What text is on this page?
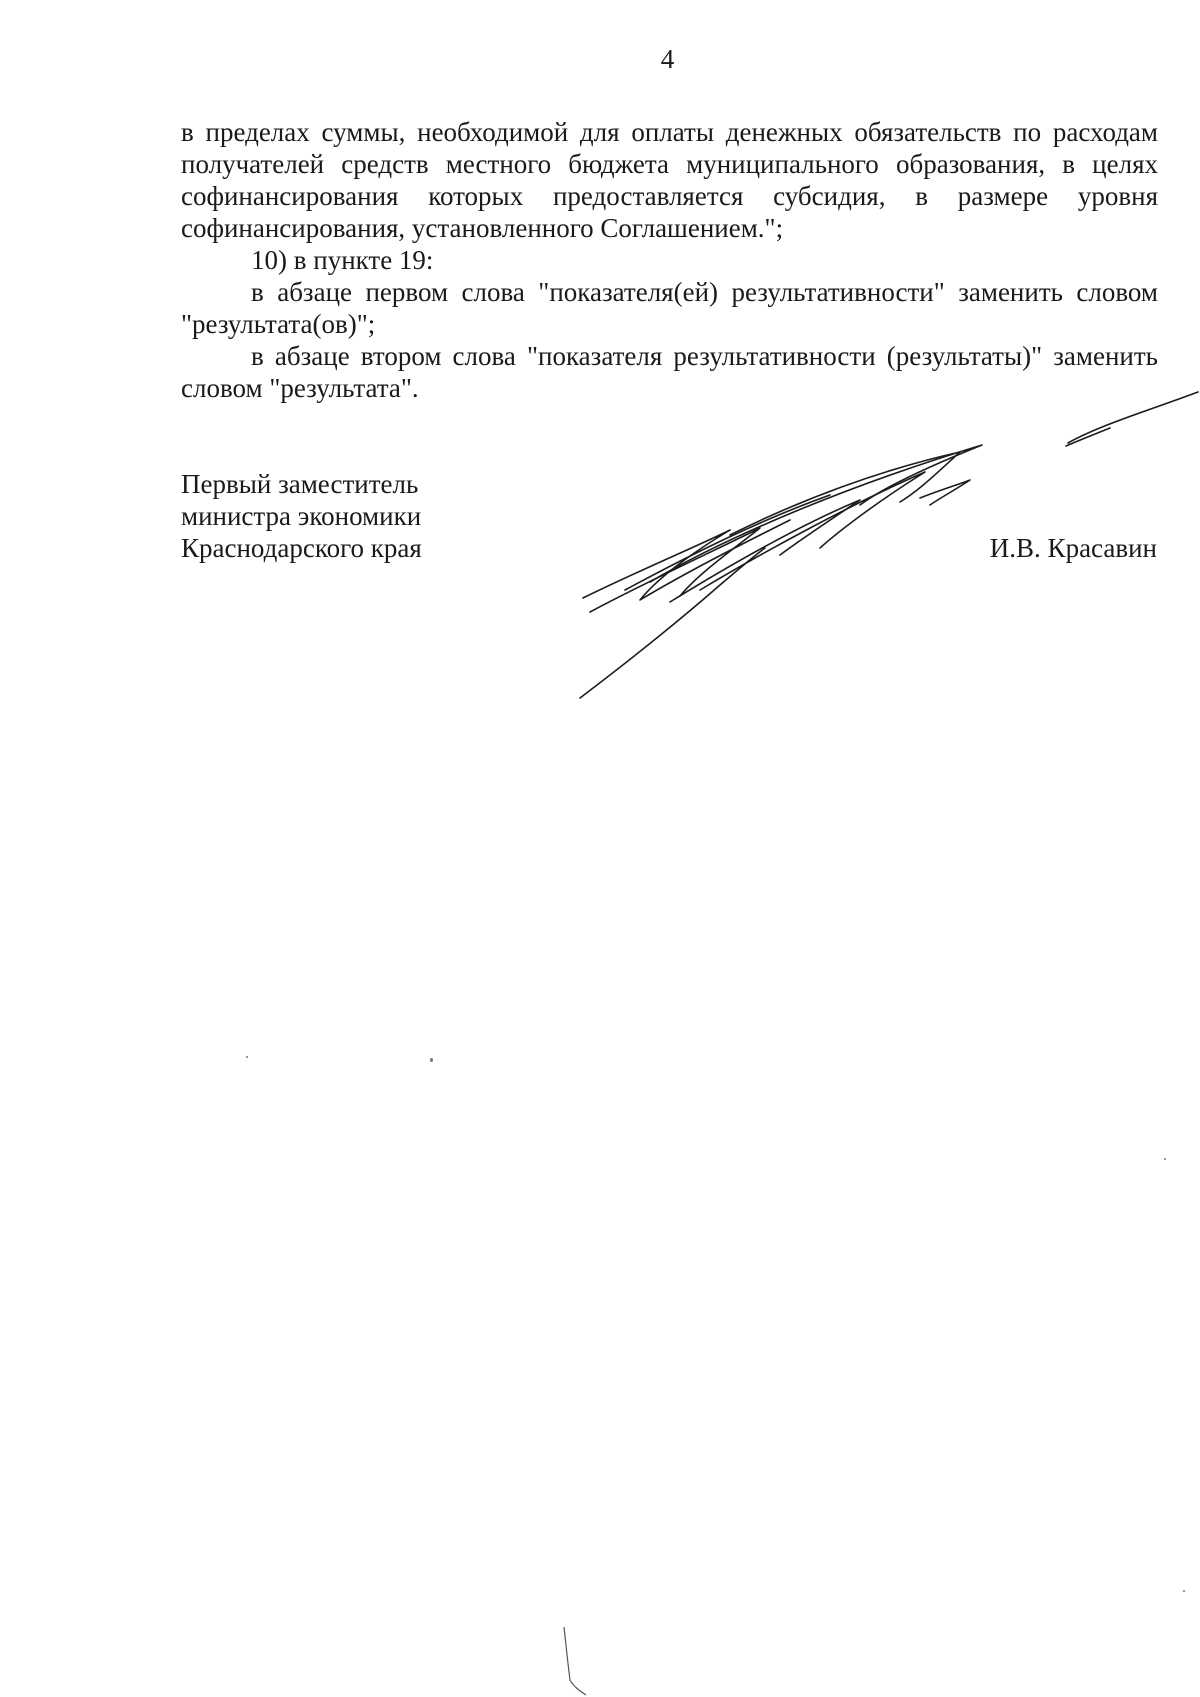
4

в пределах суммы, необходимой для оплаты денежных обязательств по расходам получателей средств местного бюджета муниципального образования, в целях софинансирования которых предоставляется субсидия, в размере уровня софинансирования, установленного Соглашением.";

10) в пункте 19:

в абзаце первом слова "показателя(ей) результативности" заменить словом "результата(ов)";

в абзаце втором слова "показателя результативности (результаты)" заменить словом "результата".

Первый заместитель
министра экономики
Краснодарского края	И.В. Красавин
